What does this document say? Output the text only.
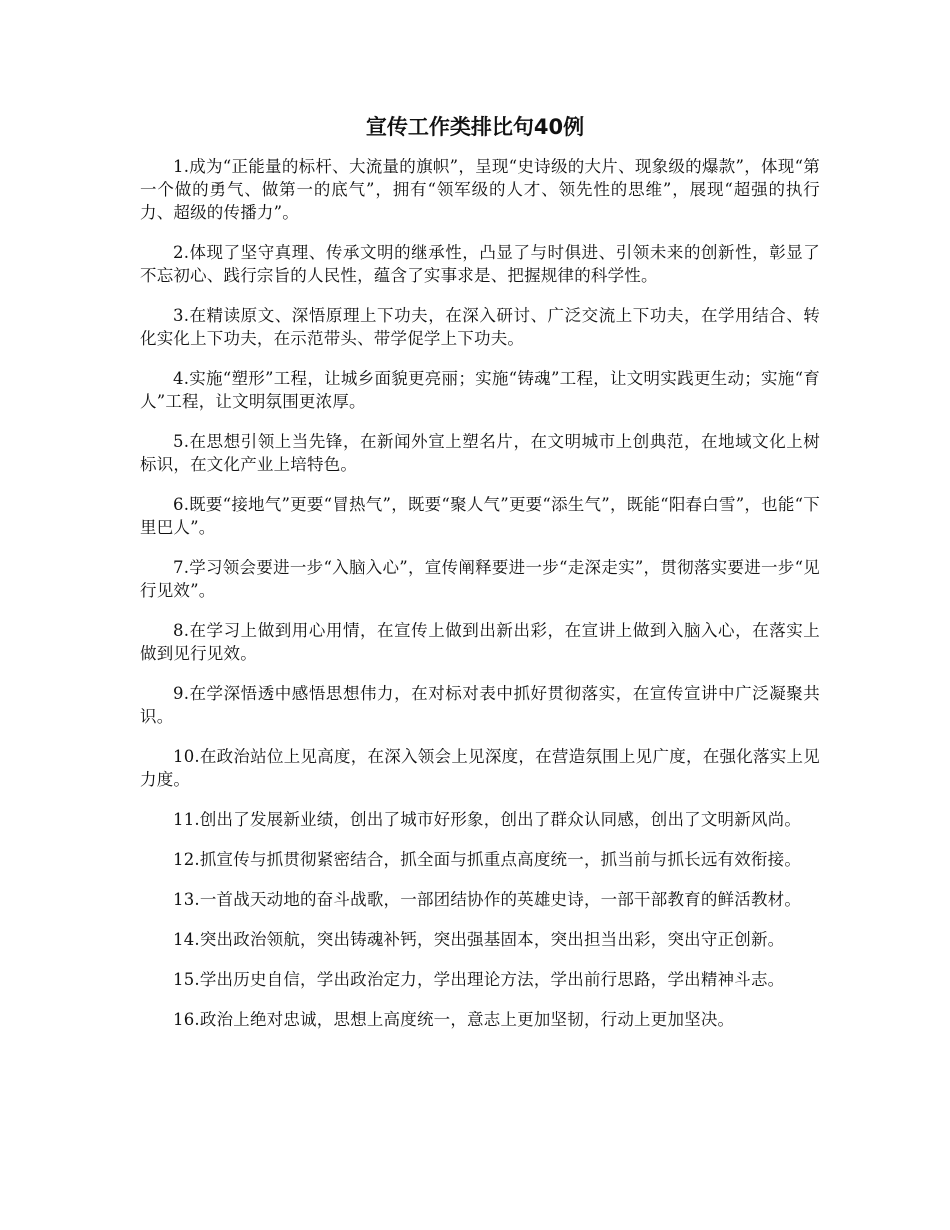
宣传工作类排比句40例

1.成为“正能量的标杆、大流量的旗帜”，呈现“史诗级的大片、现象级的爆款”，体现“第一个做的勇气、做第一的底气”，拥有“领军级的人才、领先性的思维”，展现“超强的执行力、超级的传播力”。

2.体现了坚守真理、传承文明的继承性，凸显了与时俱进、引领未来的创新性，彰显了不忘初心、践行宗旨的人民性，蕴含了实事求是、把握规律的科学性。

3.在精读原文、深悟原理上下功夫，在深入研讨、广泛交流上下功夫，在学用结合、转化实化上下功夫，在示范带头、带学促学上下功夫。

4.实施“塑形”工程，让城乡面貌更亮丽；实施“铸魂”工程，让文明实践更生动；实施“育人”工程，让文明氛围更浓厚。

5.在思想引领上当先锋，在新闻外宣上塑名片，在文明城市上创典范，在地域文化上树标识，在文化产业上培特色。

6.既要“接地气”更要“冒热气”，既要“聚人气”更要“添生气”，既能“阳春白雪”，也能“下里巴人”。

7.学习领会要进一步“入脑入心”，宣传阐释要进一步“走深走实”，贯彻落实要进一步“见行见效”。

8.在学习上做到用心用情，在宣传上做到出新出彩，在宣讲上做到入脑入心，在落实上做到见行见效。

9.在学深悟透中感悟思想伟力，在对标对表中抓好贯彻落实，在宣传宣讲中广泛凝聚共识。

10.在政治站位上见高度，在深入领会上见深度，在营造氛围上见广度，在强化落实上见力度。

11.创出了发展新业绩，创出了城市好形象，创出了群众认同感，创出了文明新风尚。

12.抓宣传与抓贯彻紧密结合，抓全面与抓重点高度统一，抓当前与抓长远有效衔接。

13.一首战天动地的奋斗战歌，一部团结协作的英雄史诗，一部干部教育的鲜活教材。

14.突出政治领航，突出铸魂补钙，突出强基固本，突出担当出彩，突出守正创新。

15.学出历史自信，学出政治定力，学出理论方法，学出前行思路，学出精神斗志。

16.政治上绝对忠诚，思想上高度统一，意志上更加坚韧，行动上更加坚决。
